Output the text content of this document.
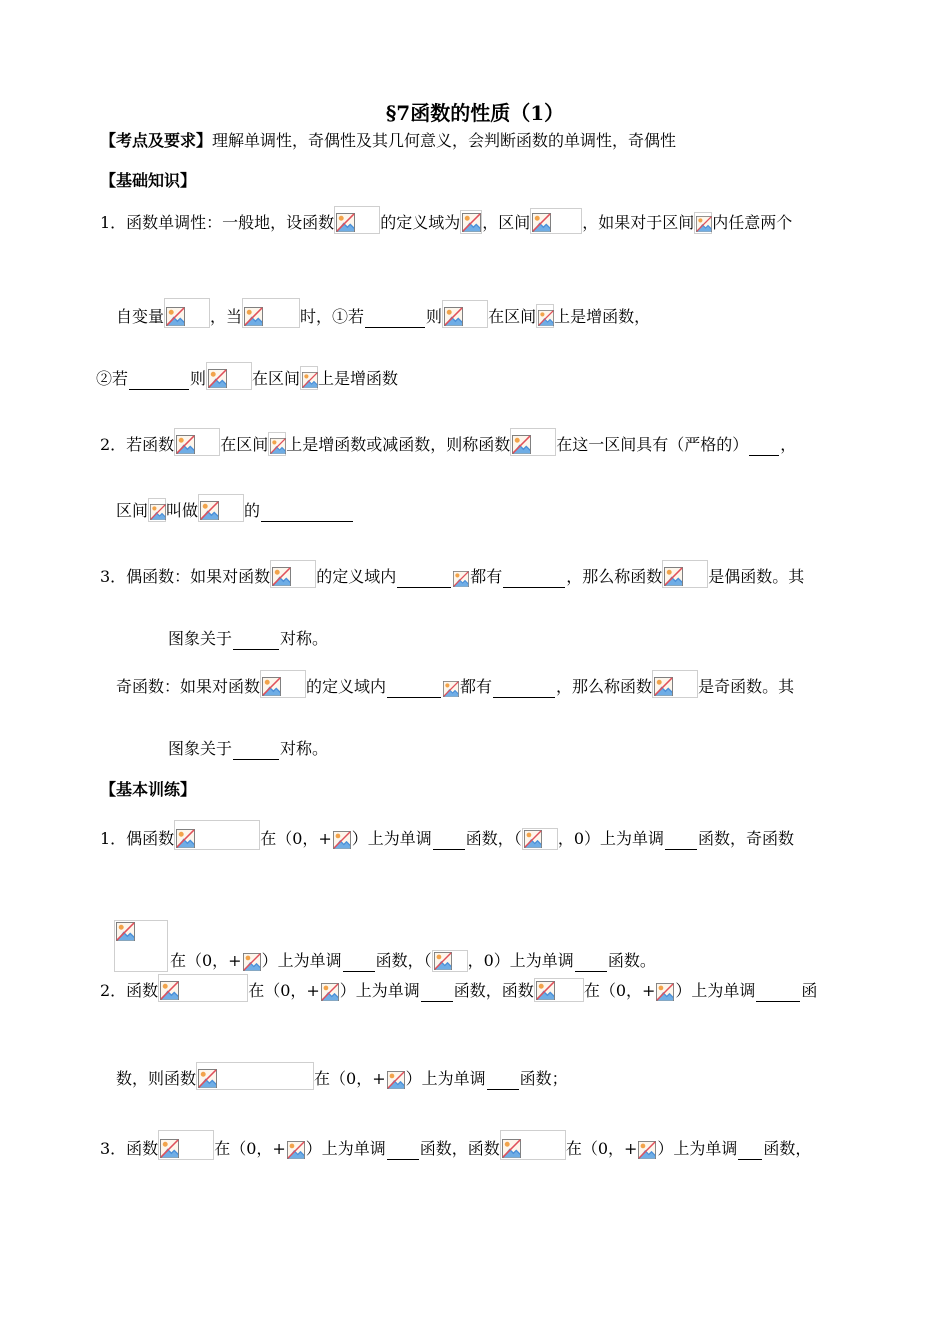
§7函数的性质（1）
【考点及要求】 理解单调性，奇偶性及其几何意义，会判断函数的单调性，奇偶性
【基础知识】
1．函数单调性：一般地，设函数	的定义域为 ，区间	，如果对于区间 内任意两个
自变量	，当	时，①若	则	在区间 上是增函数，
②若	则	在区间 上是增函数
2．若函数	在区间 上是增函数或减函数，则称函数	在这一区间具有（严格的） ，
区间 叫做	的
3．偶函数：如果对函数	的定义域内	都有	，那么称函数	是偶函数。其
图象关于	对称。
奇函数：如果对函数	的定义域内	都有	，那么称函数	是奇函数。其
图象关于	对称。
【基本训练】
1．偶函数	在（0，+ ）上为单调 函数，（ ，0）上为单调 函数，奇函数
在（0，+ ）上为单调 函数，（ ，0）上为单调 函数。
2．函数	在（0，+ ）上为单调 函数，函数	在（0，+ ）上为单调	函
数，则函数	在（0，+ ）上为单调 函数；
3．函数	在（0，+ ）上为单调 函数，函数	在（0，+ ）上为单调 函数，
